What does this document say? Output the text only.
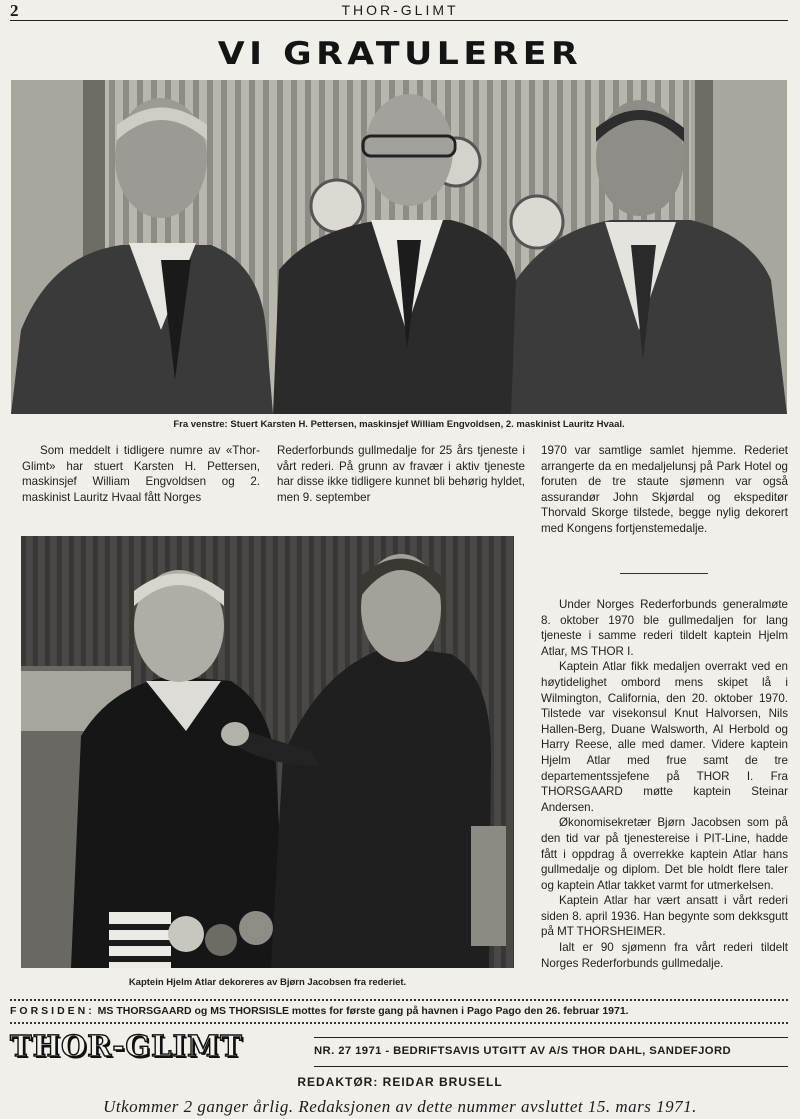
2	THOR-GLIMT
VI GRATULERER
Fra venstre: Stuert Karsten H. Pettersen, maskinsjef William Engvoldsen, 2. maskinist Lauritz Hvaal.

Som meddelt i tidligere numre av «Thor-Glimt» har stuert Karsten H. Pettersen, maskinsjef William Engvoldsen og 2. maskinist Lauritz Hvaal fått Norges

Rederforbunds gullmedalje for 25 års tjeneste i vårt rederi. På grunn av fravær i aktiv tjeneste har disse ikke tidligere kunnet bli behørig hyldet, men 9. september

1970 var samtlige samlet hjemme. Rederiet arrangerte da en medaljelunsj på Park Hotel og foruten de tre staute sjømenn var også assurandør John Skjørdal og ekspeditør Thorvald Skorge tilstede, begge nylig dekorert med Kongens fortjenstemedalje.

Kaptein Hjelm Atlar dekoreres av Bjørn Jacobsen fra rederiet.

Under Norges Rederforbunds generalmøte 8. oktober 1970 ble gullmedaljen for lang tjeneste i samme rederi tildelt kaptein Hjelm Atlar, MS THOR I.

Kaptein Atlar fikk medaljen overrakt ved en høytidelighet ombord mens skipet lå i Wilmington, California, den 20. oktober 1970. Tilstede var visekonsul Knut Halvorsen, Nils Hallen-Berg, Duane Walsworth, Al Herbold og Harry Reese, alle med damer. Videre kaptein Hjelm Atlar med frue samt de tre departementssjefene på THOR I. Fra THORSGAARD møtte kaptein Steinar Andersen.

Økonomisekretær Bjørn Jacobsen som på den tid var på tjenestereise i PIT-Line, hadde fått i oppdrag å overrekke kaptein Atlar hans gullmedalje og diplom. Det ble holdt flere taler og kaptein Atlar takket varmt for utmerkelsen.

Kaptein Atlar har vært ansatt i vårt rederi siden 8. april 1936. Han begynte som dekksgutt på MT THORSHEIMER.

Ialt er 90 sjømenn fra vårt rederi tildelt Norges Rederforbunds gullmedalje.

FORSIDEN: MS THORSGAARD og MS THORSISLE mottes for første gang på havnen i Pago Pago den 26. februar 1971.
THOR-GLIMT	NR. 27 1971 - BEDRIFTSAVIS UTGITT AV A/S THOR DAHL, SANDEFJORD
REDAKTØR: REIDAR BRUSELL
Utkommer 2 ganger årlig. Redaksjonen av dette nummer avsluttet 15. mars 1971.
